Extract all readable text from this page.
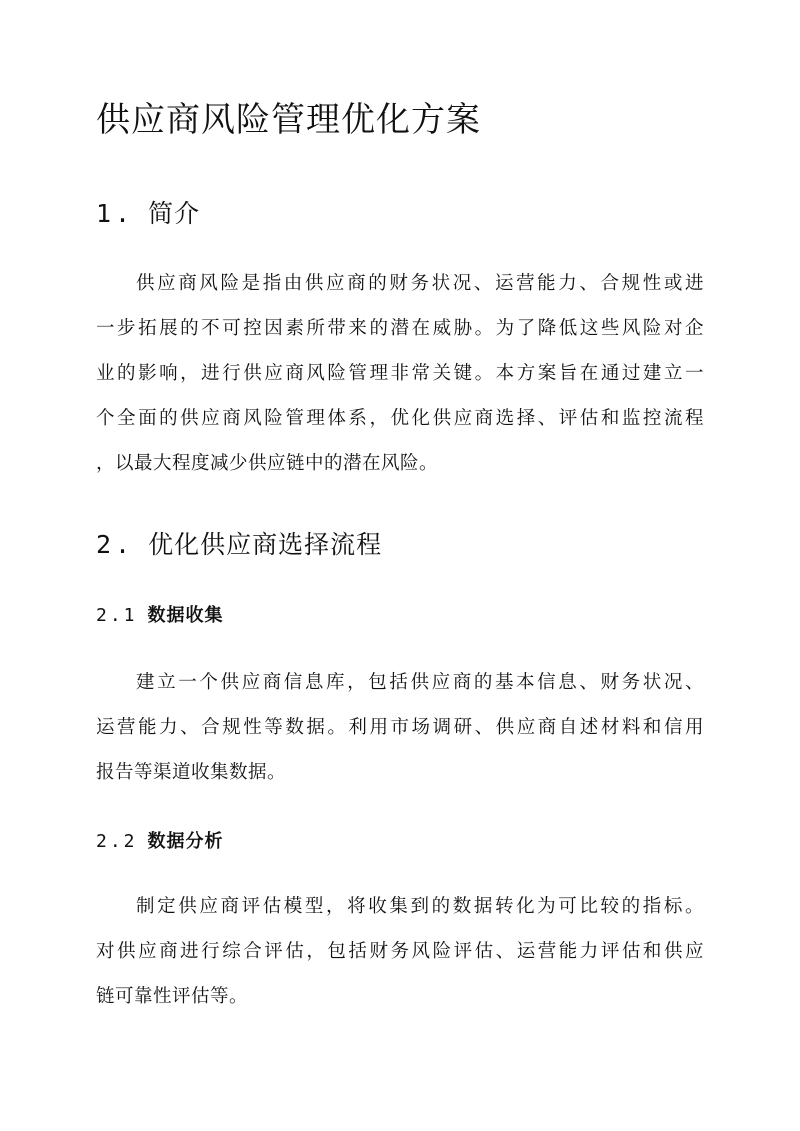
供应商风险管理优化方案
1. 简介
供应商风险是指由供应商的财务状况、运营能力、合规性或进
一步拓展的不可控因素所带来的潜在威胁。为了降低这些风险对企
业的影响，进行供应商风险管理非常关键。本方案旨在通过建立一
个全面的供应商风险管理体系，优化供应商选择、评估和监控流程
，以最大程度减少供应链中的潜在风险。
2. 优化供应商选择流程
2.1 数据收集
建立一个供应商信息库，包括供应商的基本信息、财务状况、
运营能力、合规性等数据。利用市场调研、供应商自述材料和信用
报告等渠道收集数据。
2.2 数据分析
制定供应商评估模型，将收集到的数据转化为可比较的指标。
对供应商进行综合评估，包括财务风险评估、运营能力评估和供应
链可靠性评估等。
